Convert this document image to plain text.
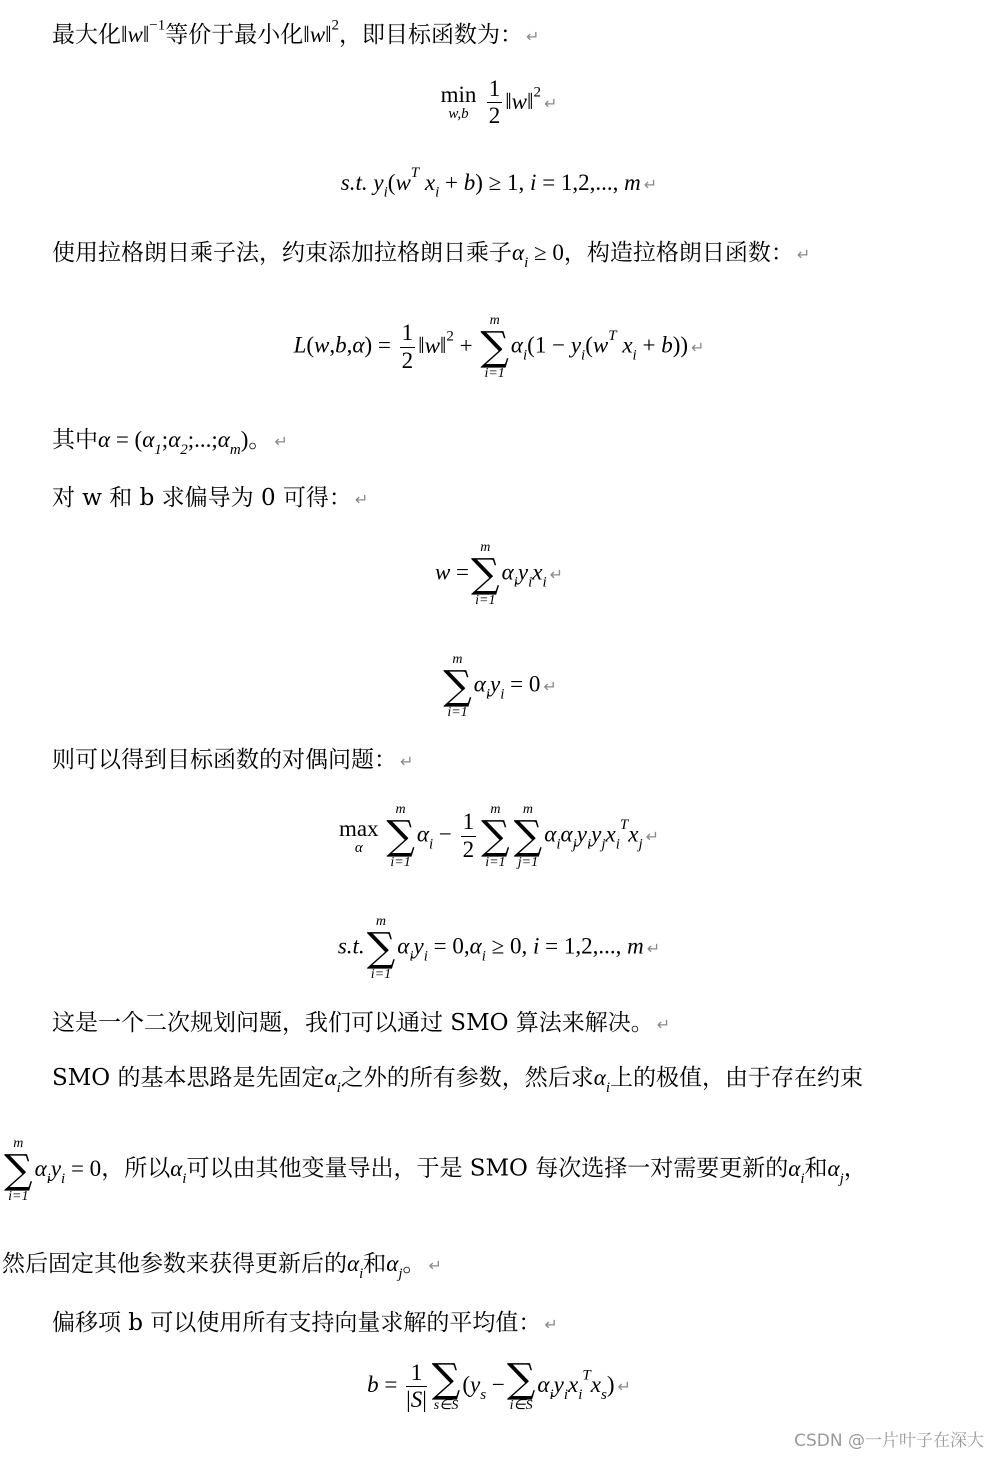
最大化‖w‖$^{-1}$等价于最小化‖w‖$^2$，即目标函数为： ↵
min
w,b
$\frac{1}{2}$ ‖w‖$^2$↵
s.t. $y_i(w^T$ $x_i + b) \ge 1$, i = 1,2,..., m ↵
使用拉格朗日乘子法，约束添加拉格朗日乘子$\alpha_i \ge 0$，构造拉格朗日函数： ↵
$L(w,b,\alpha) = \frac{1}{2}$ ‖w‖$^2$ +
m
∑
i=1
$\alpha_i(1 - y_i(w^T$ $x_i + b$)) ↵
其中$\alpha = (\alpha_1;\alpha_2;...;\alpha_m)$。 ↵
对 w 和 b 求偏导为 0 可得： ↵
w =
m
∑
i=1
$\alpha_iy_ix_i$ ↵
m
∑
i=1
$\alpha_iy_i = 0$ ↵
则可以得到目标函数的对偶问题： ↵
max
α

m
∑
i=1
$\alpha_i - \frac{1}{2}$	m
∑
i=1
m
∑
j=1
$\alpha_i\alpha_jy_iy_jx_i^Tx_j$ ↵
s.t.
m
∑
i=1
$\alpha_iy_i = 0,\alpha_i \ge 0$, i = 1,2,..., m ↵
这是一个二次规划问题，我们可以通过 SMO 算法来解决。 ↵
SMO 的基本思路是先固定$\alpha_i$之外的所有参数，然后求$\alpha_i$上的极值，由于存在约束
m
∑
i=1
$\alpha_iy_i = 0$，所以$\alpha_i$可以由其他变量导出，于是 SMO 每次选择一对需要更新的$\alpha_i$和$\alpha_j$，
然后固定其他参数来获得更新后的$\alpha_i$和$\alpha_j$。 ↵
偏移项 b 可以使用所有支持向量求解的平均值： ↵
$b = \frac{1}{|S|}$ ∑
s∈S
($y_s$ − ∑
i∈S
$\alpha_iy_ix_i^Tx_s$) ↵
CSDN @一片叶子在深大
